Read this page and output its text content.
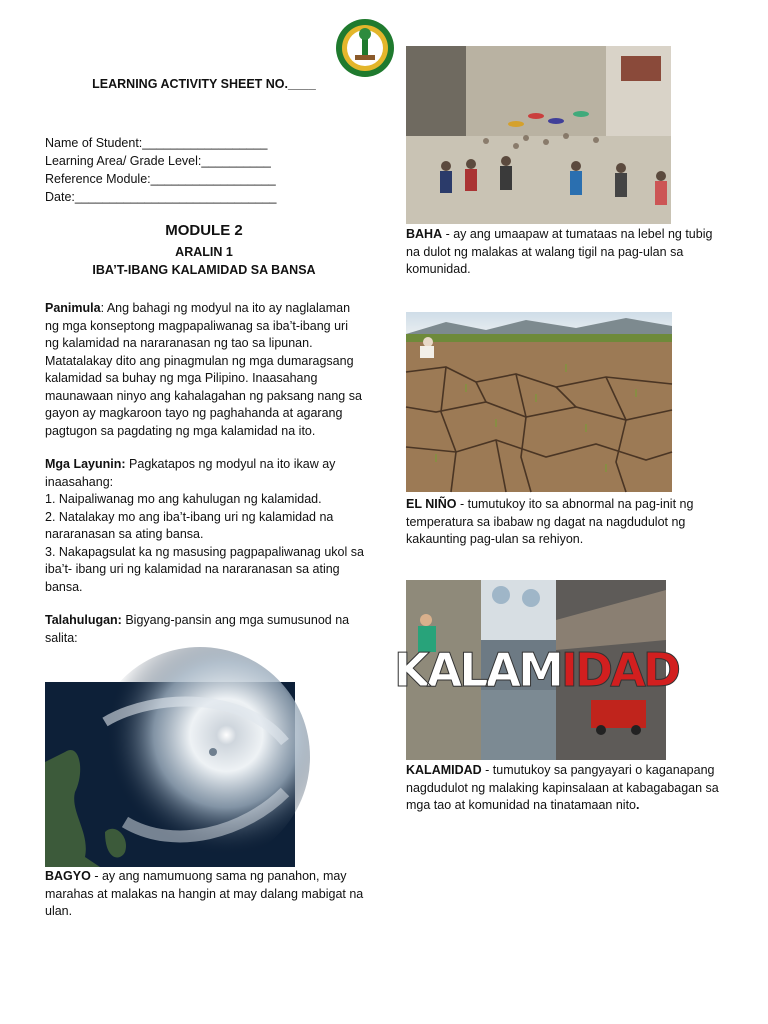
LEARNING ACTIVITY SHEET NO.____
Name of Student:__________________
Learning Area/ Grade Level:__________
Reference Module:__________________
Date:_____________________________
MODULE 2
ARALIN 1
IBA’T-IBANG KALAMIDAD SA BANSA

Panimula: Ang bahagi ng modyul na ito ay naglalaman ng mga konseptong magpapaliwanag sa iba’t-ibang uri ng kalamidad na nararanasan ng tao sa lipunan. Matatalakay dito ang pinagmulan ng mga dumaragsang kalamidad sa buhay ng mga Pilipino. Inaasahang maunawaan ninyo ang kahalagahan ng paksang nang sa gayon ay magkaroon tayo ng paghahanda at agarang pagtugon sa pagdating ng mga kalamidad na ito.

Mga Layunin: Pagkatapos ng modyul na ito ikaw ay inaasahang:

1. Naipaliwanag mo ang kahulugan ng kalamidad.

2. Natalakay mo ang iba’t-ibang uri ng kalamidad na nararanasan sa ating bansa.

3. Nakapagsulat ka ng masusing pagpapaliwanag ukol sa iba’t- ibang uri ng kalamidad na nararanasan sa ating bansa.

Talahulugan: Bigyang-pansin ang mga sumusunod na salita:

BAGYO - ay ang namumuong sama ng panahon, may marahas at malakas na hangin at may dalang mabigat na ulan.

BAHA - ay ang umaapaw at tumataas na lebel ng tubig na dulot ng malakas at walang tigil na pag-ulan sa komunidad.

EL NIÑO - tumutukoy ito sa abnormal na pag-init ng temperatura sa ibabaw ng dagat na nagdudulot ng kakaunting pag-ulan sa rehiyon.

KALAMIDAD

KALAMIDAD - tumutukoy sa pangyayari o kaganapang nagdudulot ng malaking kapinsalaan at kabagabagan sa mga tao at komunidad na tinatamaan nito.
